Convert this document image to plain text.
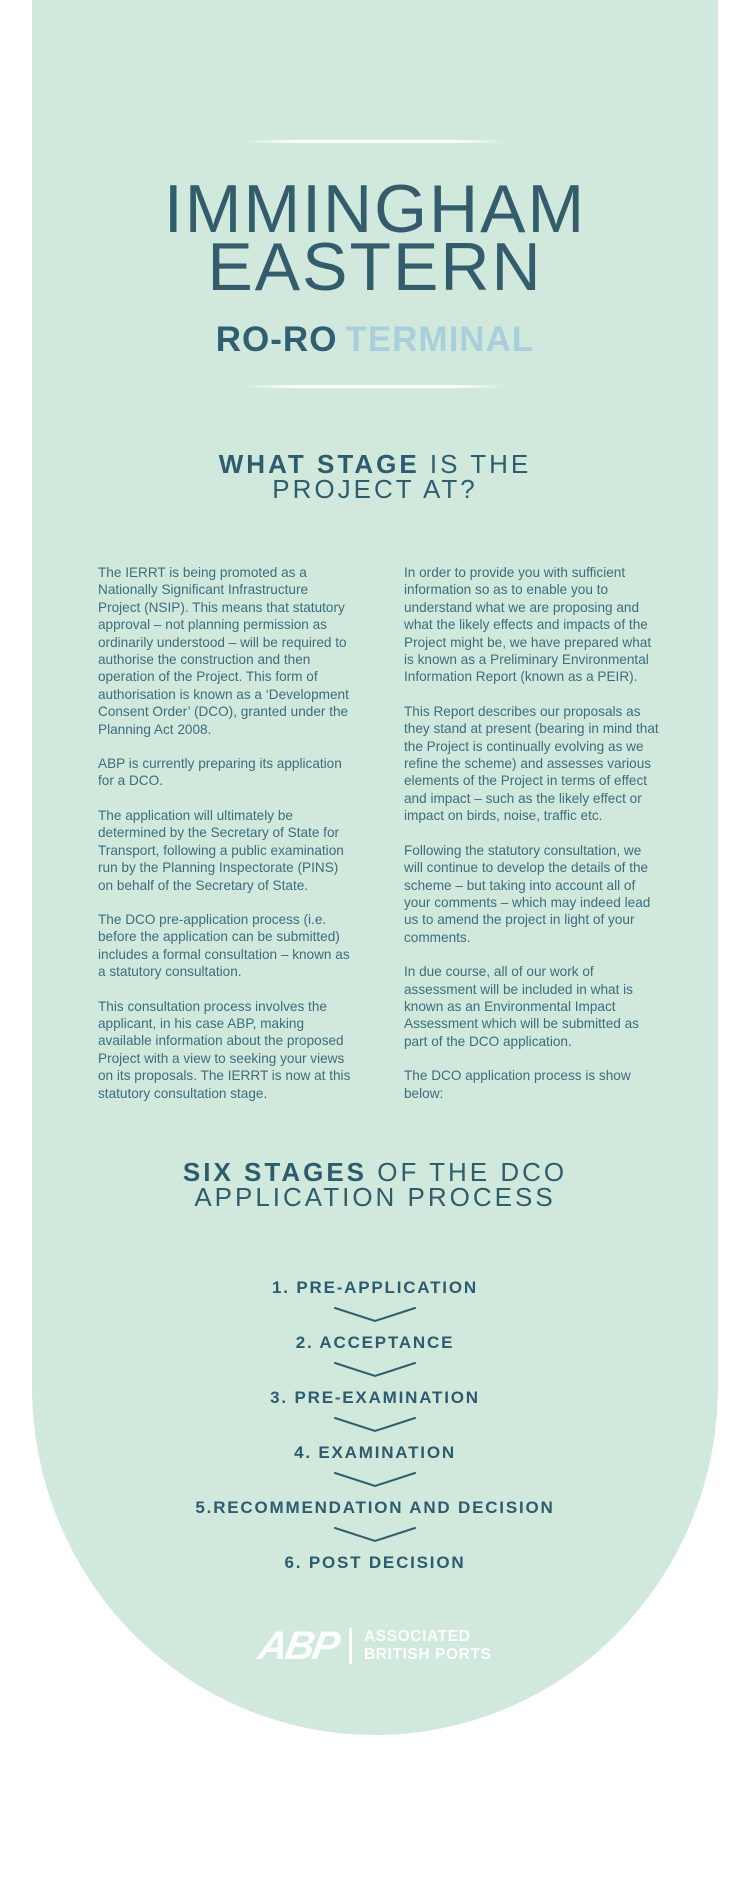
IMMINGHAM
EASTERN
RO-RO TERMINAL
WHAT STAGE IS THE
PROJECT AT?

The IERRT is being promoted as a Nationally Significant Infrastructure Project (NSIP). This means that statutory approval – not planning permission as ordinarily understood – will be required to authorise the construction and then operation of the Project. This form of authorisation is known as a ‘Development Consent Order’ (DCO), granted under the Planning Act 2008.

ABP is currently preparing its application for a DCO.

The application will ultimately be determined by the Secretary of State for Transport, following a public examination run by the Planning Inspectorate (PINS) on behalf of the Secretary of State.

The DCO pre-application process (i.e. before the application can be submitted) includes a formal consultation – known as a statutory consultation.

This consultation process involves the applicant, in his case ABP, making available information about the proposed Project with a view to seeking your views on its proposals. The IERRT is now at this statutory consultation stage.

In order to provide you with sufficient information so as to enable you to understand what we are proposing and what the likely effects and impacts of the Project might be, we have prepared what is known as a Preliminary Environmental Information Report (known as a PEIR).

This Report describes our proposals as they stand at present (bearing in mind that the Project is continually evolving as we refine the scheme) and assesses various elements of the Project in terms of effect and impact – such as the likely effect or impact on birds, noise, traffic etc.

Following the statutory consultation, we will continue to develop the details of the scheme – but taking into account all of your comments – which may indeed lead us to amend the project in light of your comments.

In due course, all of our work of assessment will be included in what is known as an Environmental Impact Assessment which will be submitted as part of the DCO application.

The DCO application process is show below:

SIX STAGES OF THE DCO
APPLICATION PROCESS
1. PRE-APPLICATION
2. ACCEPTANCE
3. PRE-EXAMINATION
4. EXAMINATION
5.RECOMMENDATION AND DECISION
6. POST DECISION
ABP ASSOCIATED
BRITISH PORTS
